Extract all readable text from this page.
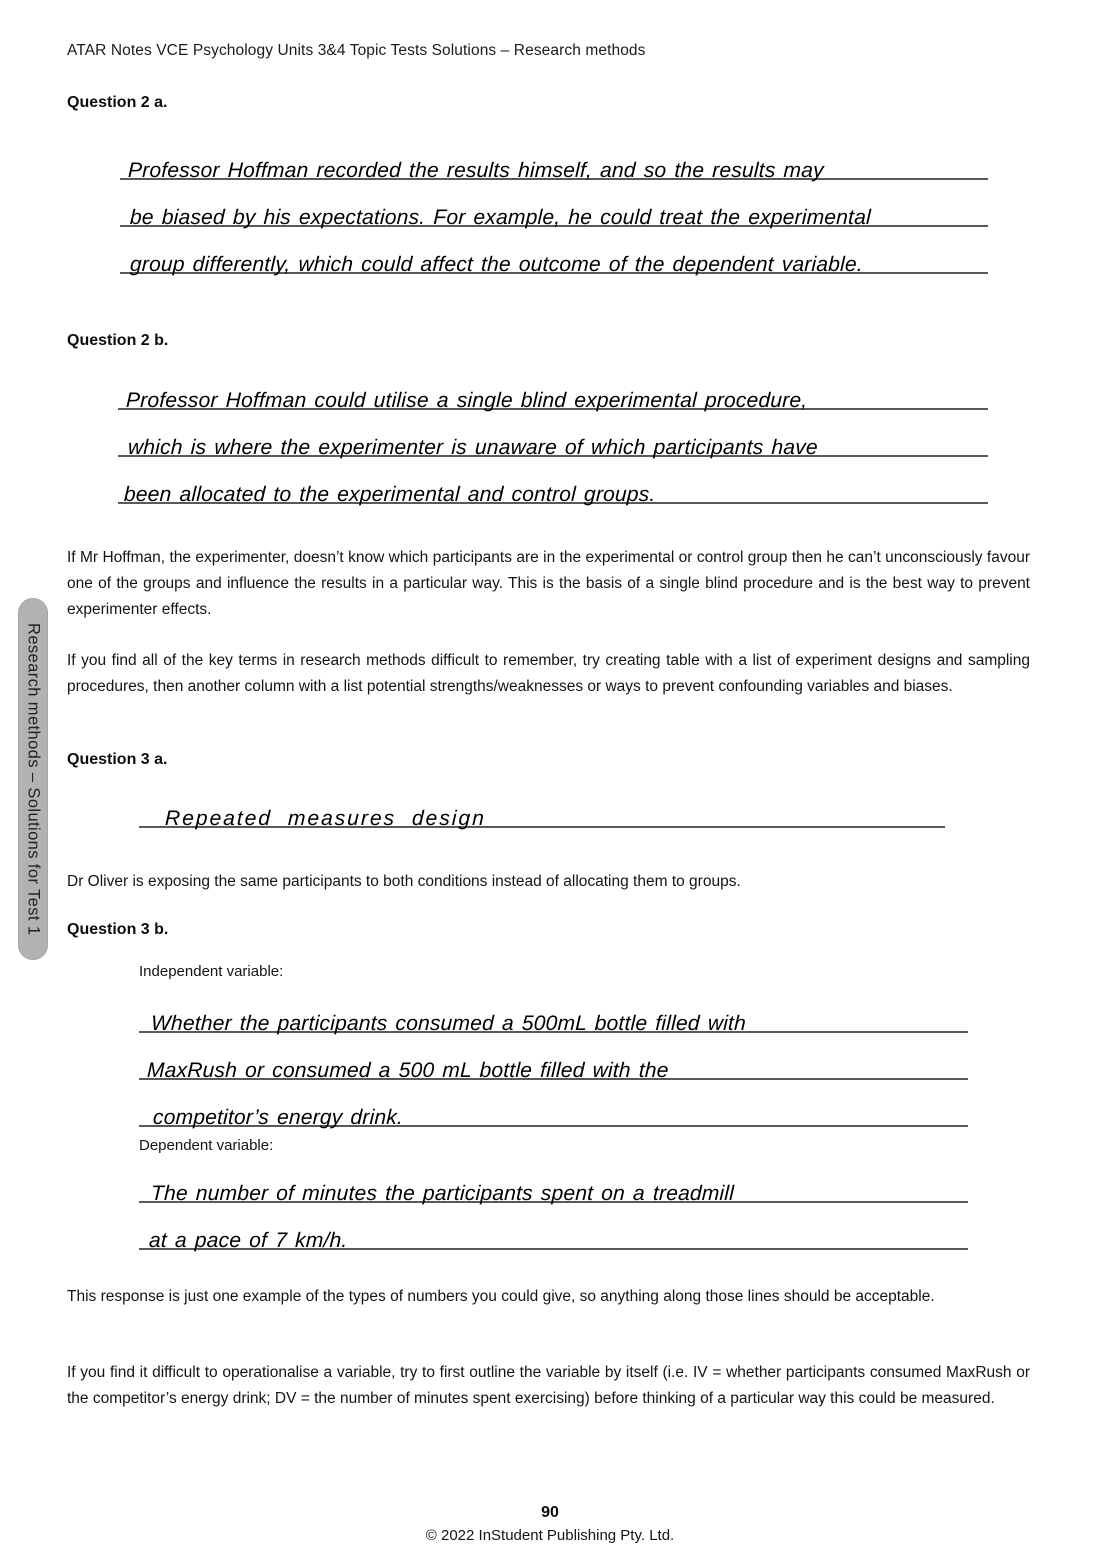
Research methods – Solutions for Test 1
ATAR Notes VCE Psychology Units 3&4 Topic Tests Solutions – Research methods
Question 2 a.
Professor Hoffman recorded the results himself, and so the results may
be biased by his expectations. For example, he could treat the experimental
group differently, which could affect the outcome of the dependent variable.
Question 2 b.
Professor Hoffman could utilise a single blind experimental procedure,
which is where the experimenter is unaware of which participants have
been allocated to the experimental and control groups.
If Mr Hoffman, the experimenter, doesn’t know which participants are in the experimental or control group then he can’t unconsciously favour one of the groups and influence the results in a particular way. This is the basis of a single blind procedure and is the best way to prevent experimenter effects.
If you find all of the key terms in research methods difficult to remember, try creating table with a list of experiment designs and sampling procedures, then another column with a list potential strengths/weaknesses or ways to prevent confounding variables and biases.
Question 3 a.
Repeated measures design
Dr Oliver is exposing the same participants to both conditions instead of allocating them to groups.
Question 3 b.
Independent variable:
Whether the participants consumed a 500mL bottle filled with
MaxRush or consumed a 500 mL bottle filled with the
competitor’s energy drink.
Dependent variable:
The number of minutes the participants spent on a treadmill
at a pace of 7 km/h.
This response is just one example of the types of numbers you could give, so anything along those lines should be acceptable.
If you find it difficult to operationalise a variable, try to first outline the variable by itself (i.e. IV = whether participants consumed MaxRush or the competitor’s energy drink; DV = the number of minutes spent exercising) before thinking of a particular way this could be measured.
90
© 2022 InStudent Publishing Pty. Ltd.
